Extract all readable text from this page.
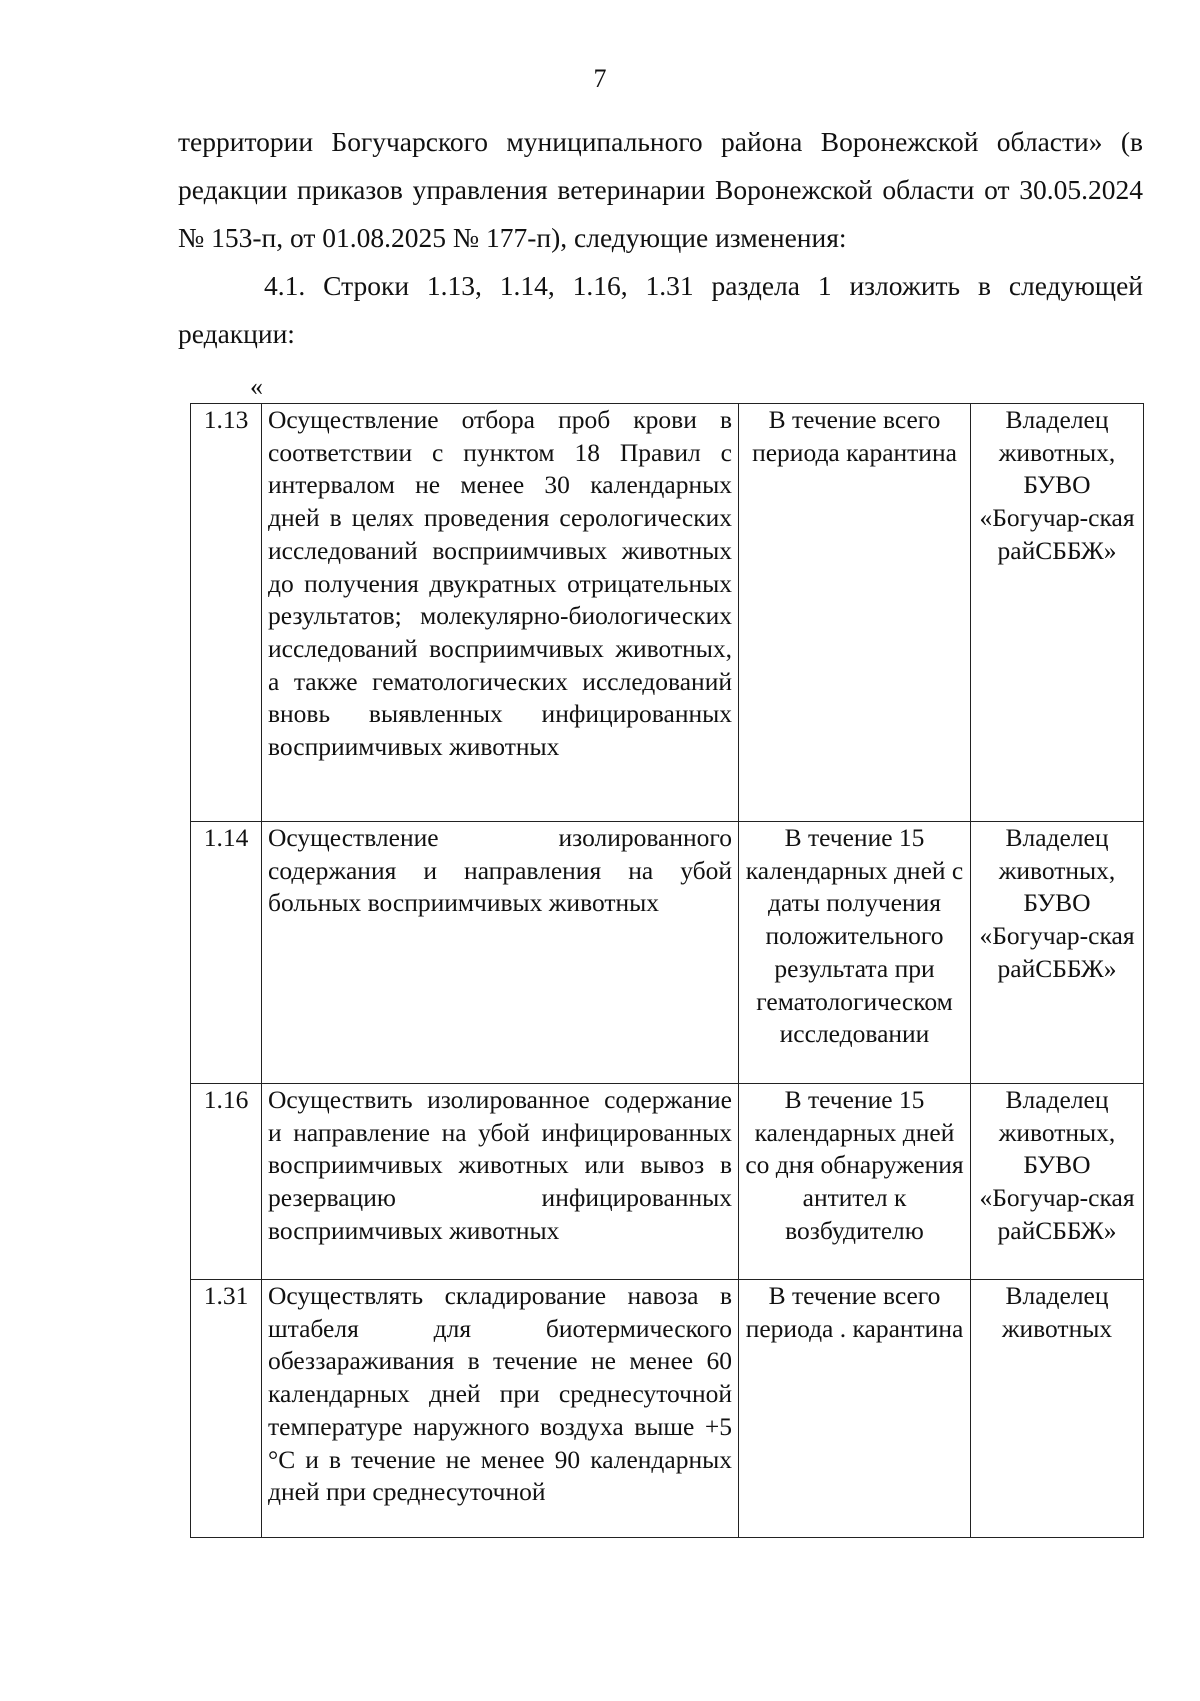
7

территории Богучарского муниципального района Воронежской области» (в редакции приказов управления ветеринарии Воронежской области от 30.05.2024 № 153-п, от 01.08.2025 № 177-п), следующие изменения:

4.1. Строки 1.13, 1.14, 1.16, 1.31 раздела 1 изложить в следующей редакции:

«
1.13	Осуществление отбора проб крови в соответствии с пунктом 18 Правил с интервалом не менее 30 календарных дней в целях проведения серологических исследований восприимчивых животных до получения двукратных отрицательных результатов; молекулярно-биологических исследований восприимчивых животных, а также гематологических исследований вновь выявленных инфицированных восприимчивых животных	В течение всего периода карантина	Владелец животных, БУВО «Богучар-ская райСББЖ»
1.14	Осуществление изолированного содержания и направления на убой больных восприимчивых животных	В течение 15 календарных дней с даты получения положительного результата при гематологическом исследовании	Владелец животных, БУВО «Богучар-ская райСББЖ»
1.16	Осуществить изолированное содержание и направление на убой инфицированных восприимчивых животных или вывоз в резервацию инфицированных восприимчивых животных	В течение 15 календарных дней со дня обнаружения антител к возбудителю	Владелец животных, БУВО «Богучар-ская райСББЖ»
1.31	Осуществлять складирование навоза в штабеля для биотермического обеззараживания в течение не менее 60 календарных дней при среднесуточной температуре наружного воздуха выше +5 °С и в течение не менее 90 календарных дней при среднесуточной	В течение всего периода . карантина	Владелец животных
